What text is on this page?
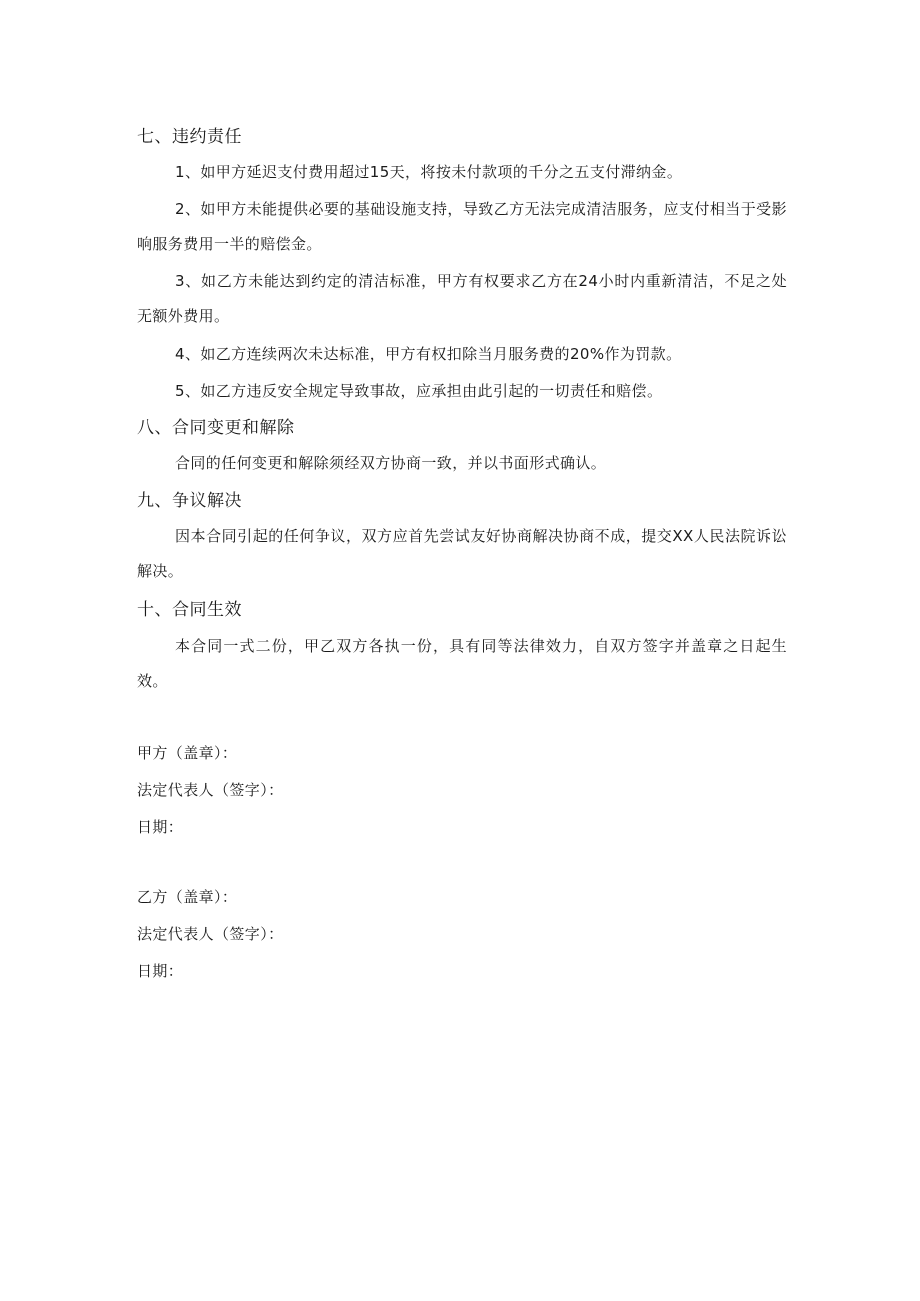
七、违约责任
1、如甲方延迟支付费用超过15天，将按未付款项的千分之五支付滞纳金。
2、如甲方未能提供必要的基础设施支持，导致乙方无法完成清洁服务，应支付相当于受影响服务费用一半的赔偿金。
3、如乙方未能达到约定的清洁标准，甲方有权要求乙方在24小时内重新清洁，不足之处无额外费用。
4、如乙方连续两次未达标准，甲方有权扣除当月服务费的20%作为罚款。
5、如乙方违反安全规定导致事故，应承担由此引起的一切责任和赔偿。
八、合同变更和解除
合同的任何变更和解除须经双方协商一致，并以书面形式确认。
九、争议解决
因本合同引起的任何争议，双方应首先尝试友好协商解决协商不成，提交XX人民法院诉讼解决。
十、合同生效
本合同一式二份，甲乙双方各执一份，具有同等法律效力，自双方签字并盖章之日起生效。
甲方（盖章）：
法定代表人（签字）：
日期：
乙方（盖章）：
法定代表人（签字）：
日期：
